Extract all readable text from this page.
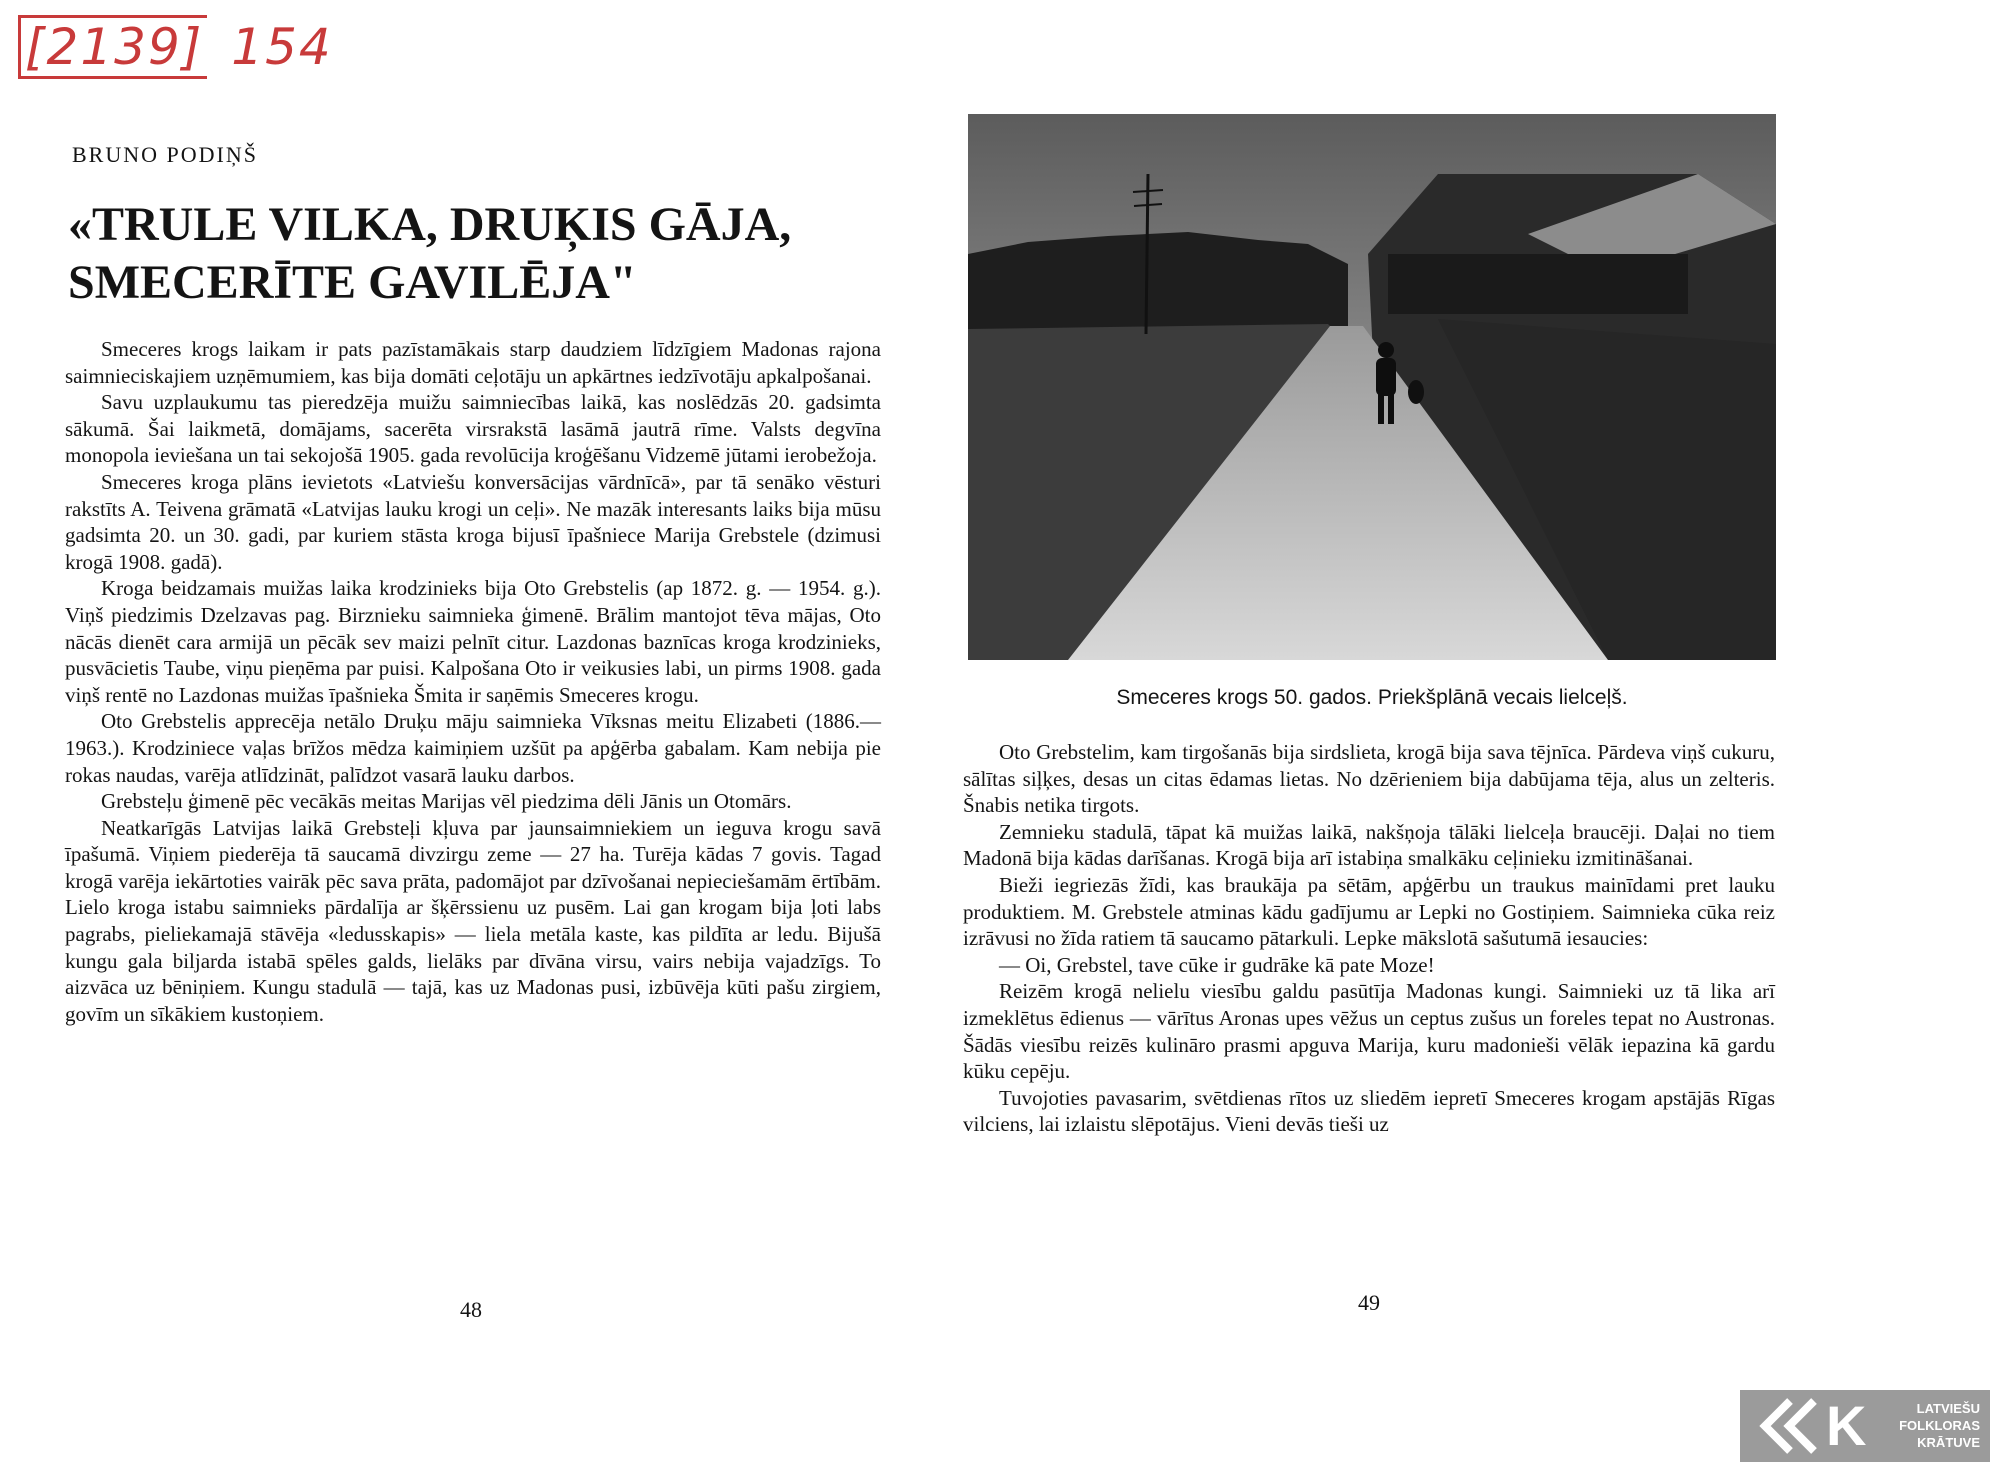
[2139] 154
BRUNO PODIŅŠ
«TRULE VILKA, DRUĶIS GĀJA,
SMECERĪTE GAVILĒJA"

Smeceres krogs laikam ir pats pazīstamākais starp daudziem līdzīgiem Madonas rajona saimnieciskajiem uzņēmumiem, kas bija domāti ceļotāju un apkārtnes iedzīvotāju apkalpošanai.

Savu uzplaukumu tas pieredzēja muižu saimniecības laikā, kas noslēdzās 20. gadsimta sākumā. Šai laikmetā, domājams, sacerēta virsrakstā lasāmā jautrā rīme. Valsts degvīna monopola ieviešana un tai sekojošā 1905. gada revolūcija kroģēšanu Vidzemē jūtami ierobežoja.

Smeceres kroga plāns ievietots «Latviešu konversācijas vārdnīcā», par tā senāko vēsturi rakstīts A. Teivena grāmatā «Latvijas lauku krogi un ceļi». Ne mazāk interesants laiks bija mūsu gadsimta 20. un 30. gadi, par kuriem stāsta kroga bijusī īpašniece Marija Grebstele (dzimusi krogā 1908. gadā).

Kroga beidzamais muižas laika krodzinieks bija Oto Grebstelis (ap 1872. g. — 1954. g.). Viņš piedzimis Dzelzavas pag. Birznieku saimnieka ģimenē. Brālim mantojot tēva mājas, Oto nācās dienēt cara armijā un pēcāk sev maizi pelnīt citur. Lazdonas baznīcas kroga krodzinieks, pusvācietis Taube, viņu pieņēma par puisi. Kalpošana Oto ir veikusies labi, un pirms 1908. gada viņš rentē no Lazdonas muižas īpašnieka Šmita ir saņēmis Smeceres krogu.

Oto Grebstelis apprecēja netālo Druķu māju saimnieka Vīksnas meitu Elizabeti (1886.—1963.). Krodziniece vaļas brīžos mēdza kaimiņiem uzšūt pa apģērba gabalam. Kam nebija pie rokas naudas, varēja atlīdzināt, palīdzot vasarā lauku darbos.

Grebsteļu ģimenē pēc vecākās meitas Marijas vēl piedzima dēli Jānis un Otomārs.

Neatkarīgās Latvijas laikā Grebsteļi kļuva par jaunsaimniekiem un ieguva krogu savā īpašumā. Viņiem piederēja tā saucamā divzirgu zeme — 27 ha. Turēja kādas 7 govis. Tagad krogā varēja iekārtoties vairāk pēc sava prāta, padomājot par dzīvošanai nepieciešamām ērtībām. Lielo kroga istabu saimnieks pārdalīja ar šķērssienu uz pusēm. Lai gan krogam bija ļoti labs pagrabs, pieliekamajā stāvēja «ledusskapis» — liela metāla kaste, kas pildīta ar ledu. Bijušā kungu gala biljarda istabā spēles galds, lielāks par dīvāna virsu, vairs nebija vajadzīgs. To aizvāca uz bēniņiem. Kungu stadulā — tajā, kas uz Madonas pusi, izbūvēja kūti pašu zirgiem, govīm un sīkākiem kustoņiem.

Smeceres krogs 50. gados. Priekšplānā vecais lielceļš.

Oto Grebstelim, kam tirgošanās bija sirdslieta, krogā bija sava tējnīca. Pārdeva viņš cukuru, sālītas siļķes, desas un citas ēdamas lietas. No dzērieniem bija dabūjama tēja, alus un zelteris. Šnabis netika tirgots.

Zemnieku stadulā, tāpat kā muižas laikā, nakšņoja tālāki lielceļa braucēji. Daļai no tiem Madonā bija kādas darīšanas. Krogā bija arī istabiņa smalkāku ceļinieku izmitināšanai.

Bieži iegriezās žīdi, kas braukāja pa sētām, apģērbu un traukus mainīdami pret lauku produktiem. M. Grebstele atminas kādu gadījumu ar Lepki no Gostiņiem. Saimnieka cūka reiz izrāvusi no žīda ratiem tā saucamo pātarkuli. Lepke mākslotā sašutumā iesaucies:

— Oi, Grebstel, tave cūke ir gudrāke kā pate Moze!

Reizēm krogā nelielu viesību galdu pasūtīja Madonas kungi. Saimnieki uz tā lika arī izmeklētus ēdienus — vārītus Aronas upes vēžus un ceptus zušus un foreles tepat no Austronas. Šādās viesību reizēs kulināro prasmi apguva Marija, kuru madonieši vēlāk iepazina kā gardu kūku cepēju.

Tuvojoties pavasarim, svētdienas rītos uz sliedēm iepretī Smeceres krogam apstājās Rīgas vilciens, lai izlaistu slēpotājus. Vieni devās tieši uz

48	49
K	LATVIEŠU
FOLKLORAS
KRĀTUVE
